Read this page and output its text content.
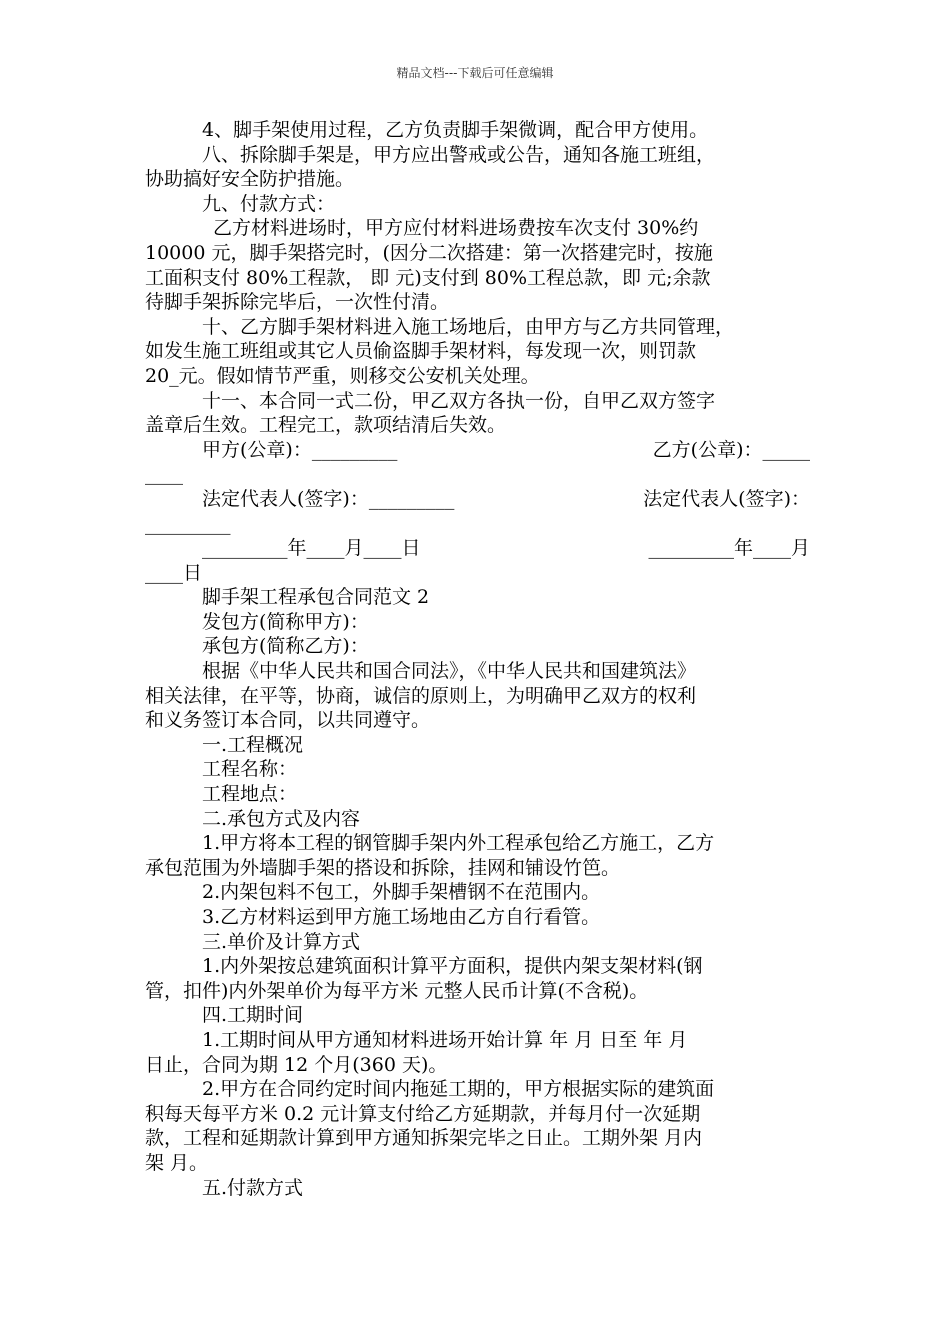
精品文档---下载后可任意编辑
4、脚手架使用过程，乙方负责脚手架微调，配合甲方使用。
八、拆除脚手架是，甲方应出警戒或公告，通知各施工班组，
协助搞好安全防护措施。
九、付款方式：
乙方材料进场时，甲方应付材料进场费按车次支付 30%约
10000 元，脚手架搭完时，(因分二次搭建：第一次搭建完时，按施
工面积支付 80%工程款， 即 元)支付到 80%工程总款，即 元;余款
待脚手架拆除完毕后，一次性付清。
十、乙方脚手架材料进入施工场地后，由甲方与乙方共同管理，
如发生施工班组或其它人员偷盗脚手架材料，每发现一次，则罚款
20_元。假如情节严重，则移交公安机关处理。
十一、本合同一式二份，甲乙双方各执一份，自甲乙双方签字
盖章后生效。工程完工，款项结清后失效。
甲方(公章)：_________	乙方(公章)：_____
____
法定代表人(签字)：_________	法定代表人(签字)：
_________
_________年____月____日	_________年____月
____日
脚手架工程承包合同范文 2
发包方(简称甲方)：
承包方(简称乙方)：
根据《中华人民共和国合同法》，《中华人民共和国建筑法》
相关法律，在平等，协商，诚信的原则上，为明确甲乙双方的权利
和义务签订本合同，以共同遵守。
一.工程概况
工程名称：
工程地点：
二.承包方式及内容
1.甲方将本工程的钢管脚手架内外工程承包给乙方施工，乙方
承包范围为外墙脚手架的搭设和拆除，挂网和铺设竹笆。
2.内架包料不包工，外脚手架槽钢不在范围内。
3.乙方材料运到甲方施工场地由乙方自行看管。
三.单价及计算方式
1.内外架按总建筑面积计算平方面积，提供内架支架材料(钢
管，扣件)内外架单价为每平方米 元整人民币计算(不含税)。
四.工期时间
1.工期时间从甲方通知材料进场开始计算 年 月 日至 年 月
日止，合同为期 12 个月(360 天)。
2.甲方在合同约定时间内拖延工期的，甲方根据实际的建筑面
积每天每平方米 0.2 元计算支付给乙方延期款，并每月付一次延期
款，工程和延期款计算到甲方通知拆架完毕之日止。工期外架 月内
架 月。
五.付款方式
